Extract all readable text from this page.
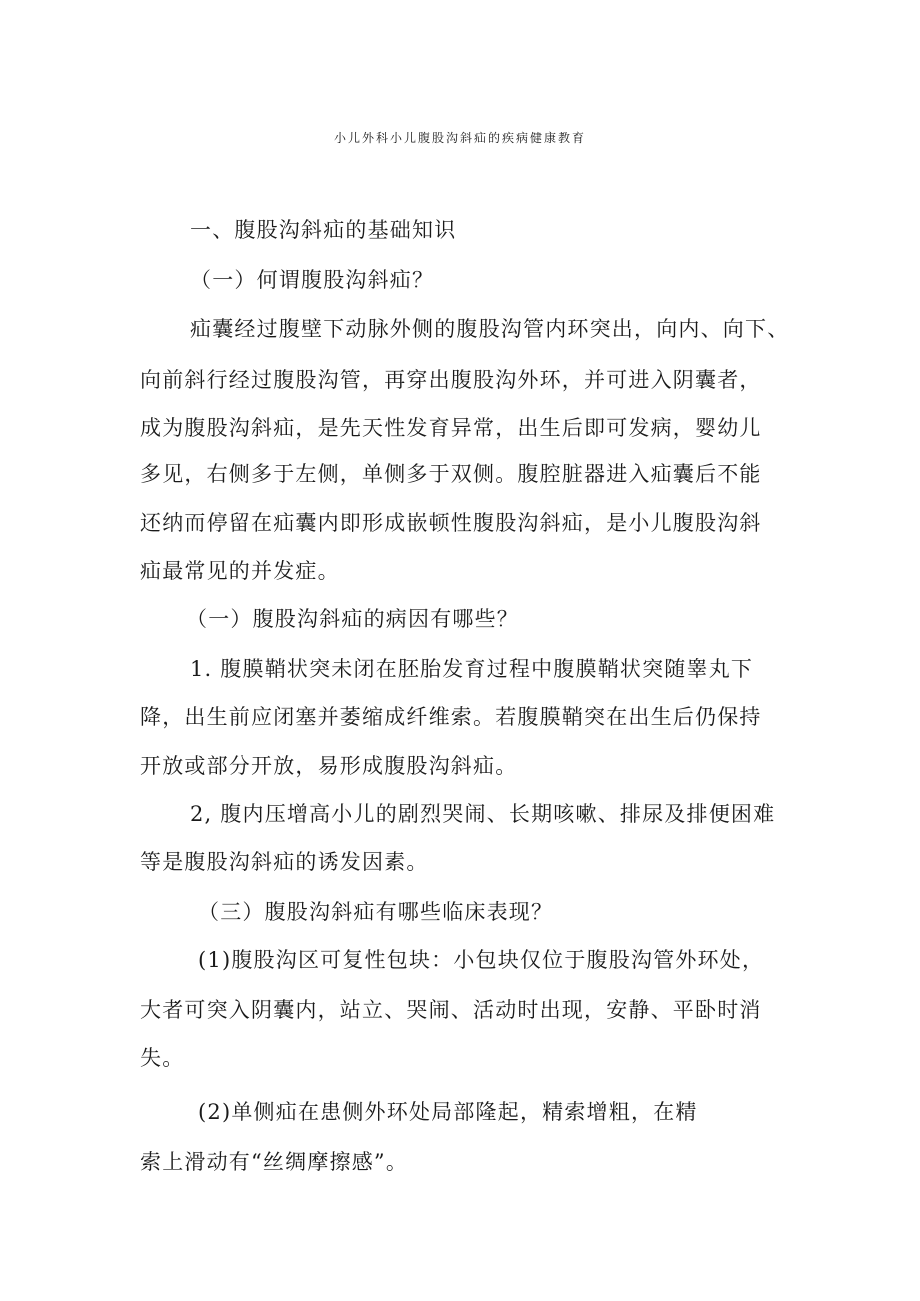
小儿外科小儿腹股沟斜疝的疾病健康教育
一、腹股沟斜疝的基础知识
（一）何谓腹股沟斜疝？
疝囊经过腹壁下动脉外侧的腹股沟管内环突出，向内、向下、
向前斜行经过腹股沟管，再穿出腹股沟外环，并可进入阴囊者，
成为腹股沟斜疝，是先天性发育异常，出生后即可发病，婴幼儿
多见，右侧多于左侧，单侧多于双侧。腹腔脏器进入疝囊后不能
还纳而停留在疝囊内即形成嵌顿性腹股沟斜疝，是小儿腹股沟斜
疝最常见的并发症。
（一）腹股沟斜疝的病因有哪些？
1. 腹膜鞘状突未闭在胚胎发育过程中腹膜鞘状突随睾丸下
降，出生前应闭塞并萎缩成纤维索。若腹膜鞘突在出生后仍保持
开放或部分开放，易形成腹股沟斜疝。
2, 腹内压增高小儿的剧烈哭闹、长期咳嗽、排尿及排便困难
等是腹股沟斜疝的诱发因素。
（三）腹股沟斜疝有哪些临床表现？
(1)腹股沟区可复性包块：小包块仅位于腹股沟管外环处，
大者可突入阴囊内，站立、哭闹、活动时出现，安静、平卧时消
失。
(2)单侧疝在患侧外环处局部隆起，精索增粗，在精
索上滑动有“丝绸摩擦感”。
